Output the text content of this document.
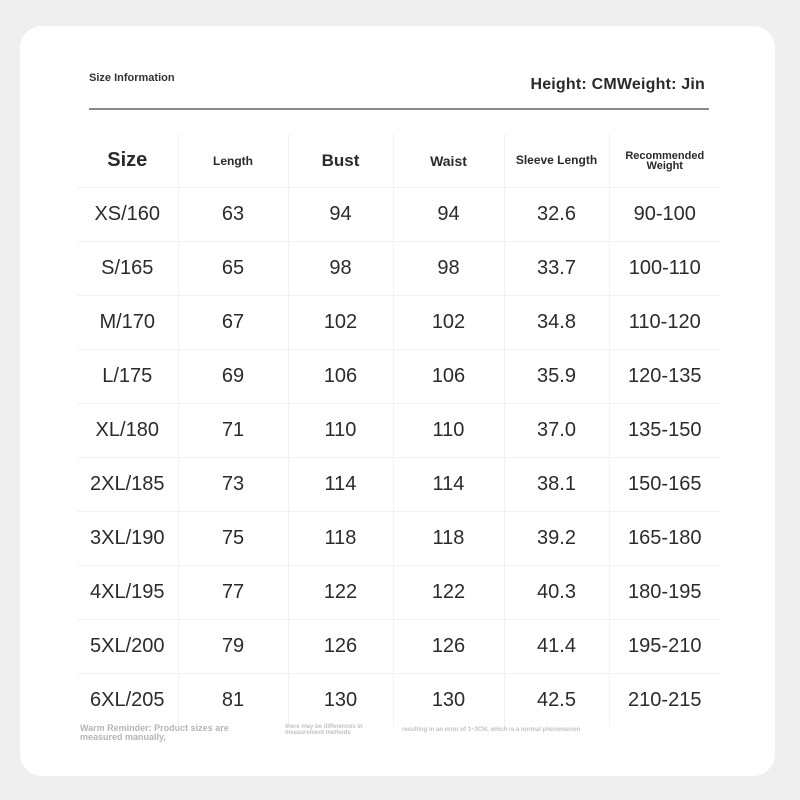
Size Information	Height: CMWeight: Jin
Size	Length	Bust	Waist	Sleeve Length	Recommended Weight
XS/160	63	94	94	32.6	90-100
S/165	65	98	98	33.7	100-110
M/170	67	102	102	34.8	110-120
L/175	69	106	106	35.9	120-135
XL/180	71	110	110	37.0	135-150
2XL/185	73	114	114	38.1	150-165
3XL/190	75	118	118	39.2	165-180
4XL/195	77	122	122	40.3	180-195
5XL/200	79	126	126	41.4	195-210
6XL/205	81	130	130	42.5	210-215
Warm Reminder: Product sizes are measured manually,
there may be differences in measurement methods	resulting in an error of 1~3CM, which is a normal phenomenon
